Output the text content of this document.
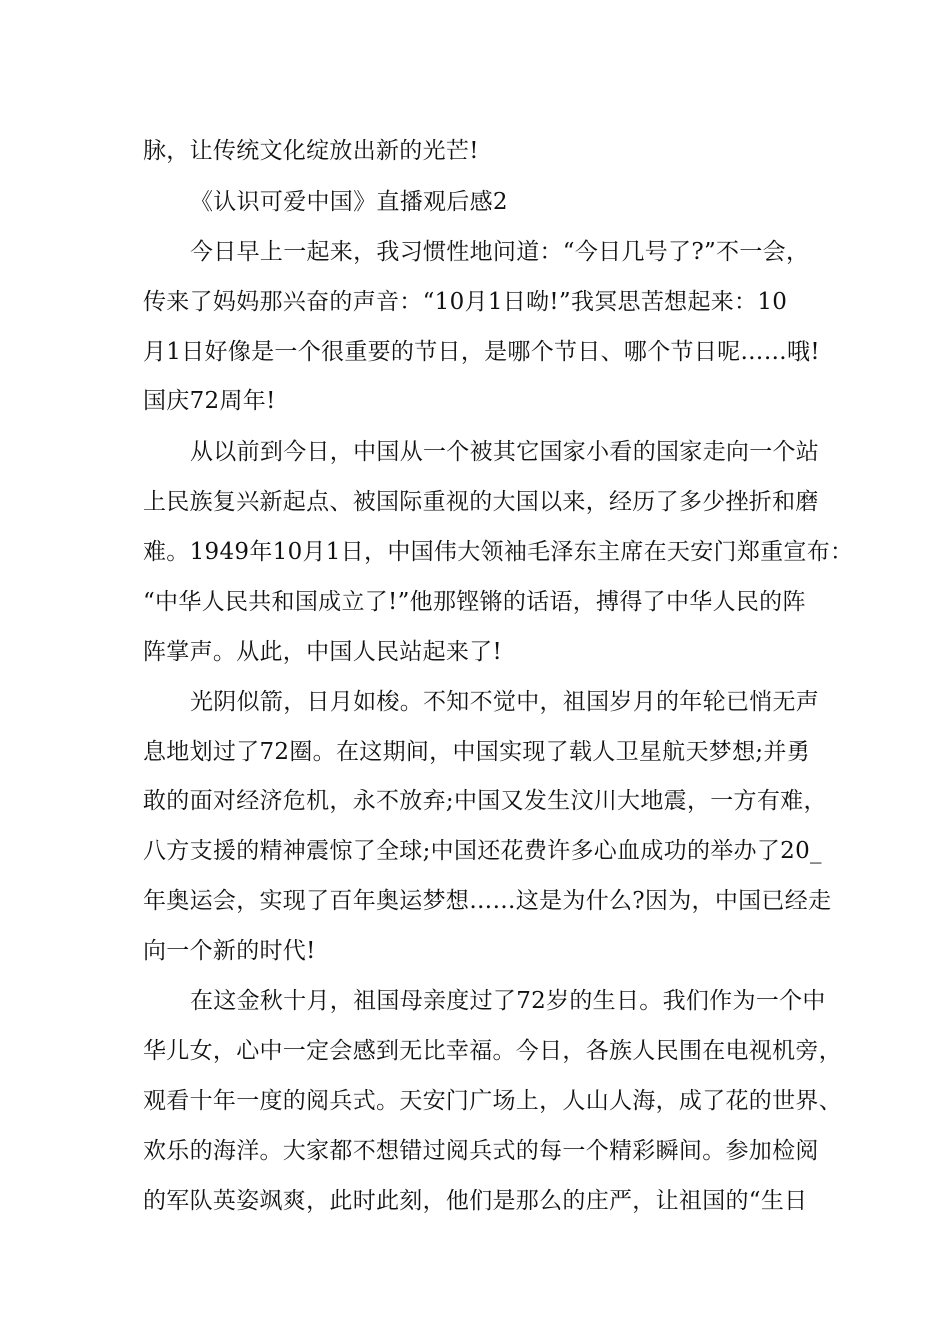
脉，让传统文化绽放出新的光芒!
《认识可爱中国》直播观后感2
今日早上一起来，我习惯性地问道：“今日几号了?”不一会，
传来了妈妈那兴奋的声音：“10月1日呦!”我冥思苦想起来：10
月1日好像是一个很重要的节日，是哪个节日、哪个节日呢……哦!
国庆72周年!
从以前到今日，中国从一个被其它国家小看的国家走向一个站
上民族复兴新起点、被国际重视的大国以来，经历了多少挫折和磨
难。1949年10月1日，中国伟大领袖毛泽东主席在天安门郑重宣布：
“中华人民共和国成立了!”他那铿锵的话语，搏得了中华人民的阵
阵掌声。从此，中国人民站起来了!
光阴似箭，日月如梭。不知不觉中，祖国岁月的年轮已悄无声
息地划过了72圈。在这期间，中国实现了载人卫星航天梦想;并勇
敢的面对经济危机，永不放弃;中国又发生汶川大地震，一方有难，
八方支援的精神震惊了全球;中国还花费许多心血成功的举办了20_
年奥运会，实现了百年奥运梦想……这是为什么?因为，中国已经走
向一个新的时代!
在这金秋十月，祖国母亲度过了72岁的生日。我们作为一个中
华儿女，心中一定会感到无比幸福。今日，各族人民围在电视机旁，
观看十年一度的阅兵式。天安门广场上，人山人海，成了花的世界、
欢乐的海洋。大家都不想错过阅兵式的每一个精彩瞬间。参加检阅
的军队英姿飒爽，此时此刻，他们是那么的庄严，让祖国的“生日
